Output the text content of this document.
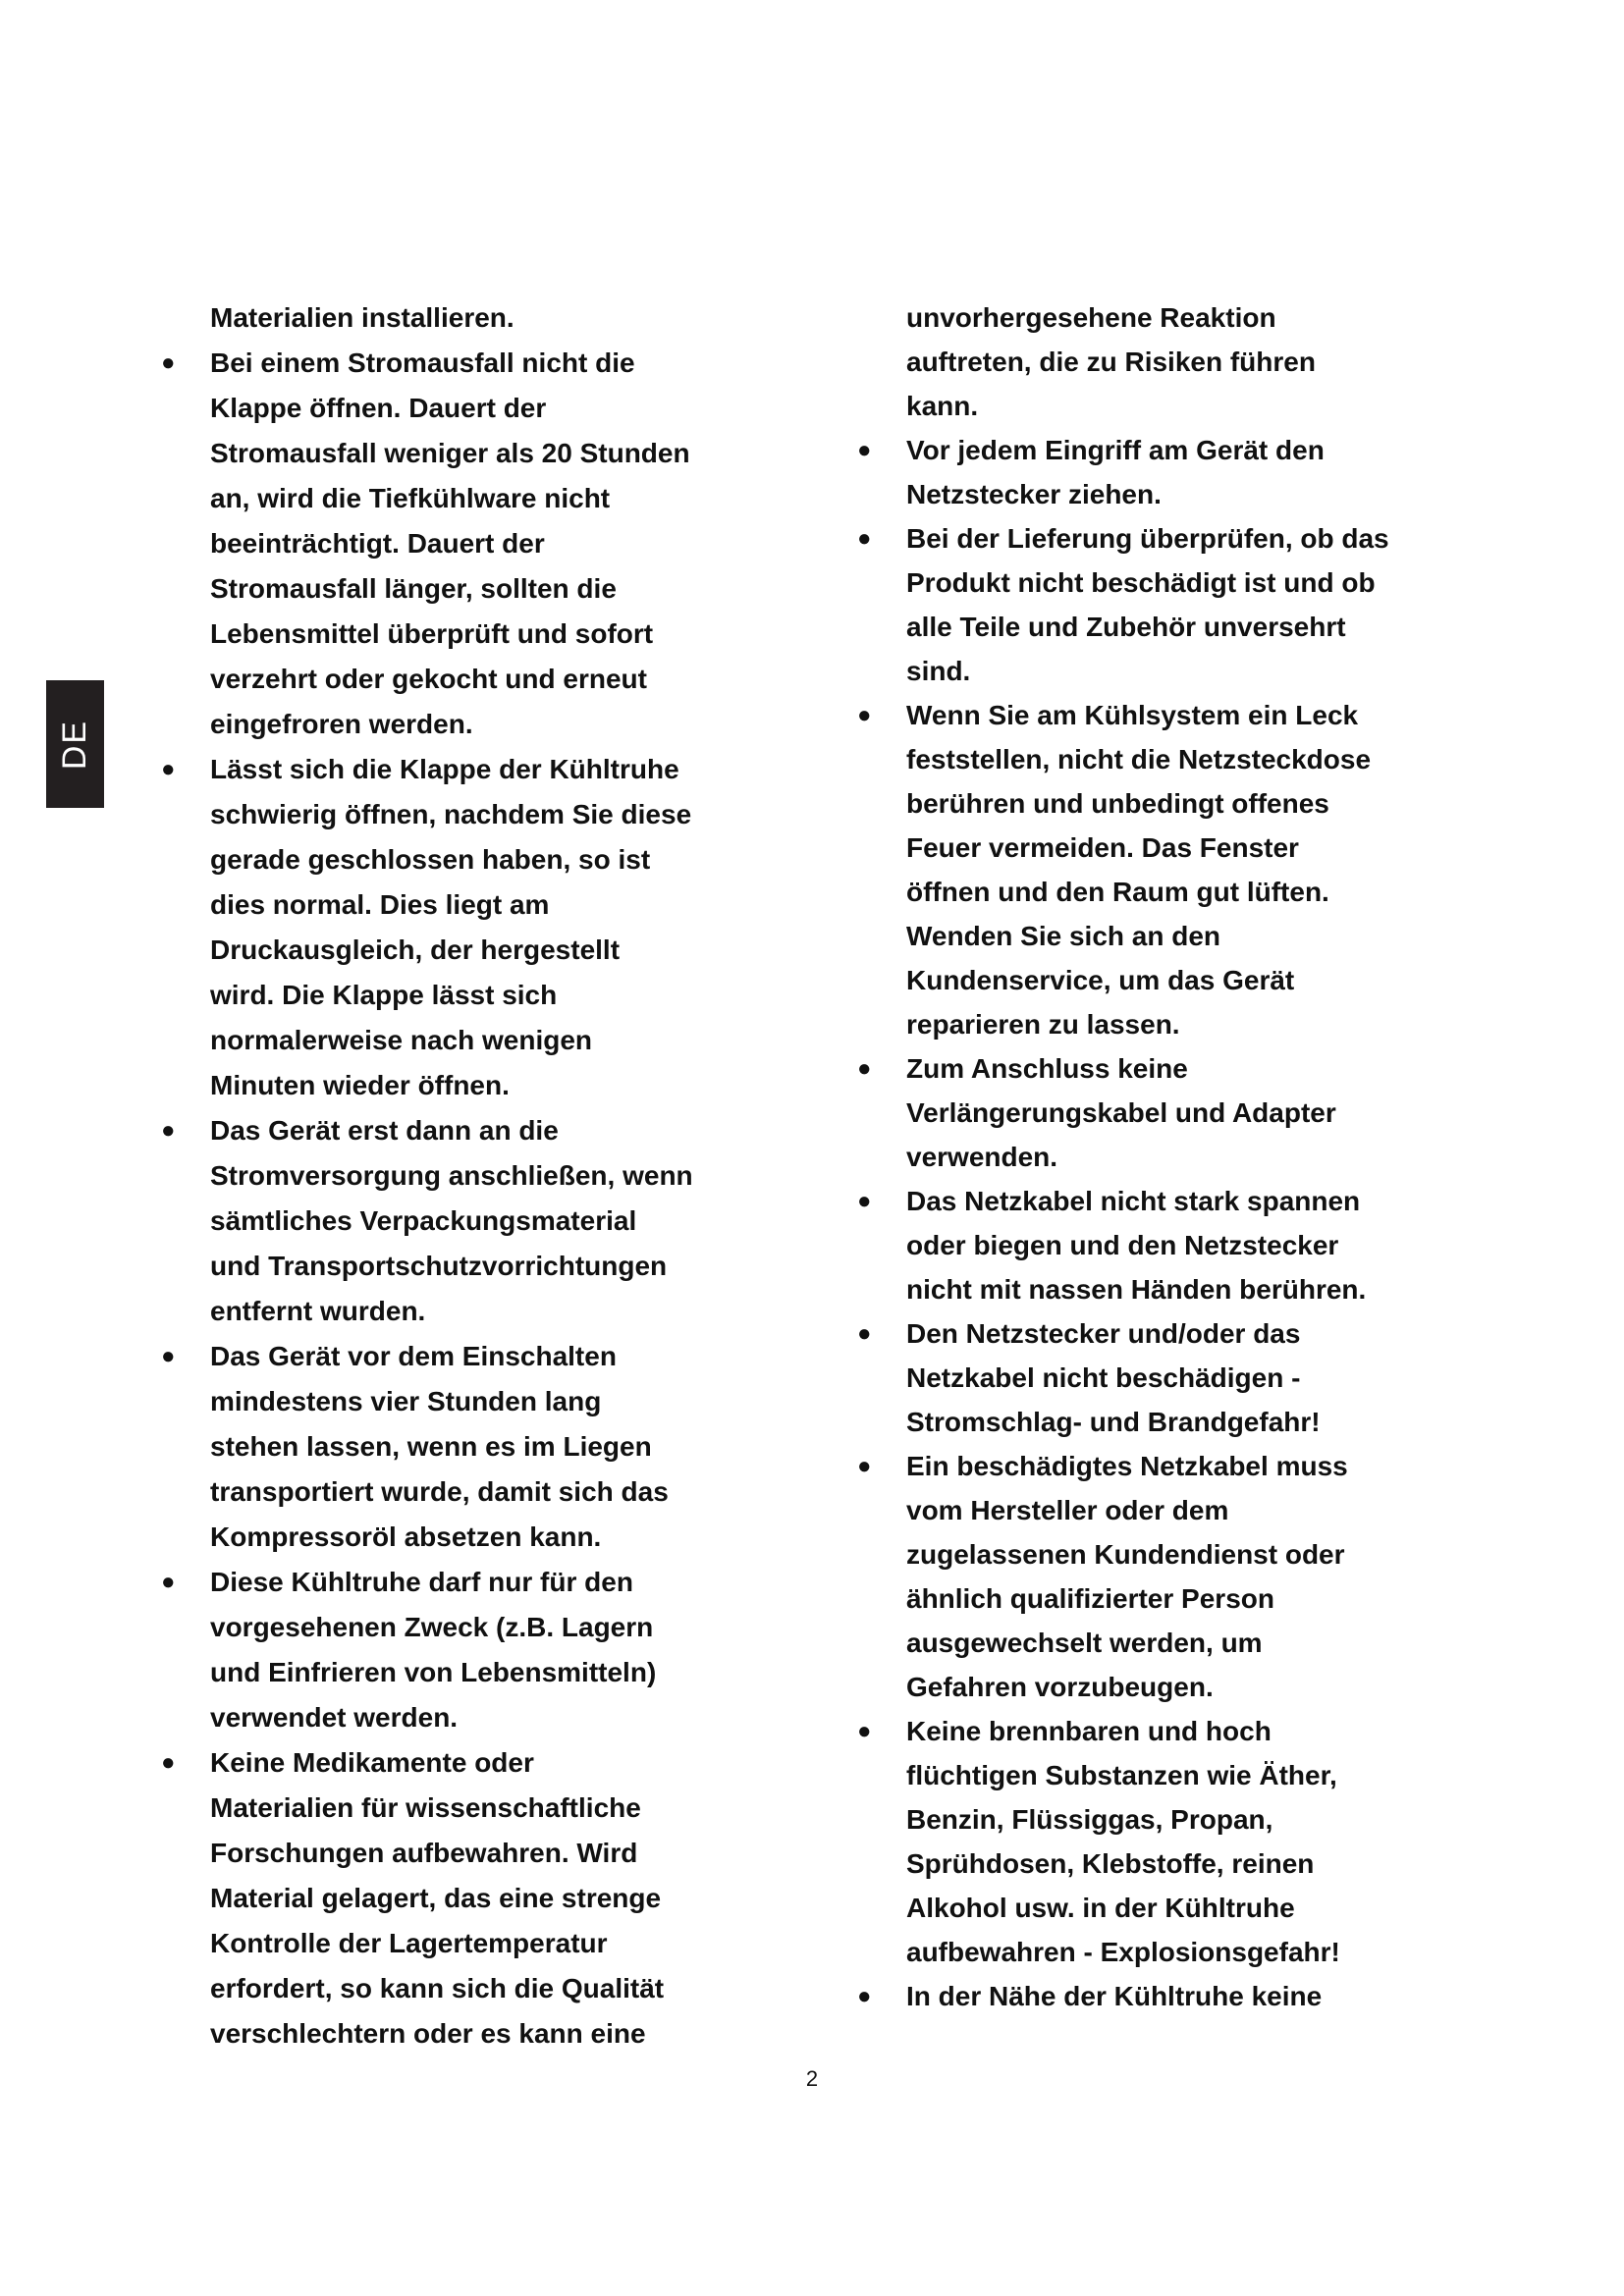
DE
Materialien installieren.
● Bei einem Stromausfall nicht die
Klappe öffnen. Dauert der
Stromausfall weniger als 20 Stunden
an, wird die Tiefkühlware nicht
beeinträchtigt. Dauert der
Stromausfall länger, sollten die
Lebensmittel überprüft und sofort
verzehrt oder gekocht und erneut
eingefroren werden.
● Lässt sich die Klappe der Kühltruhe
schwierig öffnen, nachdem Sie diese
gerade geschlossen haben, so ist
dies normal. Dies liegt am
Druckausgleich, der hergestellt
wird. Die Klappe lässt sich
normalerweise nach wenigen
Minuten wieder öffnen.
● Das Gerät erst dann an die
Stromversorgung anschließen, wenn
sämtliches Verpackungsmaterial
und Transportschutzvorrichtungen
entfernt wurden.
● Das Gerät vor dem Einschalten
mindestens vier Stunden lang
stehen lassen, wenn es im Liegen
transportiert wurde, damit sich das
Kompressoröl absetzen kann.
● Diese Kühltruhe darf nur für den
vorgesehenen Zweck (z.B. Lagern
und Einfrieren von Lebensmitteln)
verwendet werden.
● Keine Medikamente oder
Materialien für wissenschaftliche
Forschungen aufbewahren. Wird
Material gelagert, das eine strenge
Kontrolle der Lagertemperatur
erfordert, so kann sich die Qualität
verschlechtern oder es kann eine
unvorhergesehene Reaktion
auftreten, die zu Risiken führen
kann.
● Vor jedem Eingriff am Gerät den
Netzstecker ziehen.
● Bei der Lieferung überprüfen, ob das
Produkt nicht beschädigt ist und ob
alle Teile und Zubehör unversehrt
sind.
● Wenn Sie am Kühlsystem ein Leck
feststellen, nicht die Netzsteckdose
berühren und unbedingt offenes
Feuer vermeiden. Das Fenster
öffnen und den Raum gut lüften.
Wenden Sie sich an den
Kundenservice, um das Gerät
reparieren zu lassen.
● Zum Anschluss keine
Verlängerungskabel und Adapter
verwenden.
● Das Netzkabel nicht stark spannen
oder biegen und den Netzstecker
nicht mit nassen Händen berühren.
● Den Netzstecker und/oder das
Netzkabel nicht beschädigen -
Stromschlag- und Brandgefahr!
● Ein beschädigtes Netzkabel muss
vom Hersteller oder dem
zugelassenen Kundendienst oder
ähnlich qualifizierter Person
ausgewechselt werden, um
Gefahren vorzubeugen.
● Keine brennbaren und hoch
flüchtigen Substanzen wie Äther,
Benzin, Flüssiggas, Propan,
Sprühdosen, Klebstoffe, reinen
Alkohol usw. in der Kühltruhe
aufbewahren - Explosionsgefahr!
● In der Nähe der Kühltruhe keine
2
